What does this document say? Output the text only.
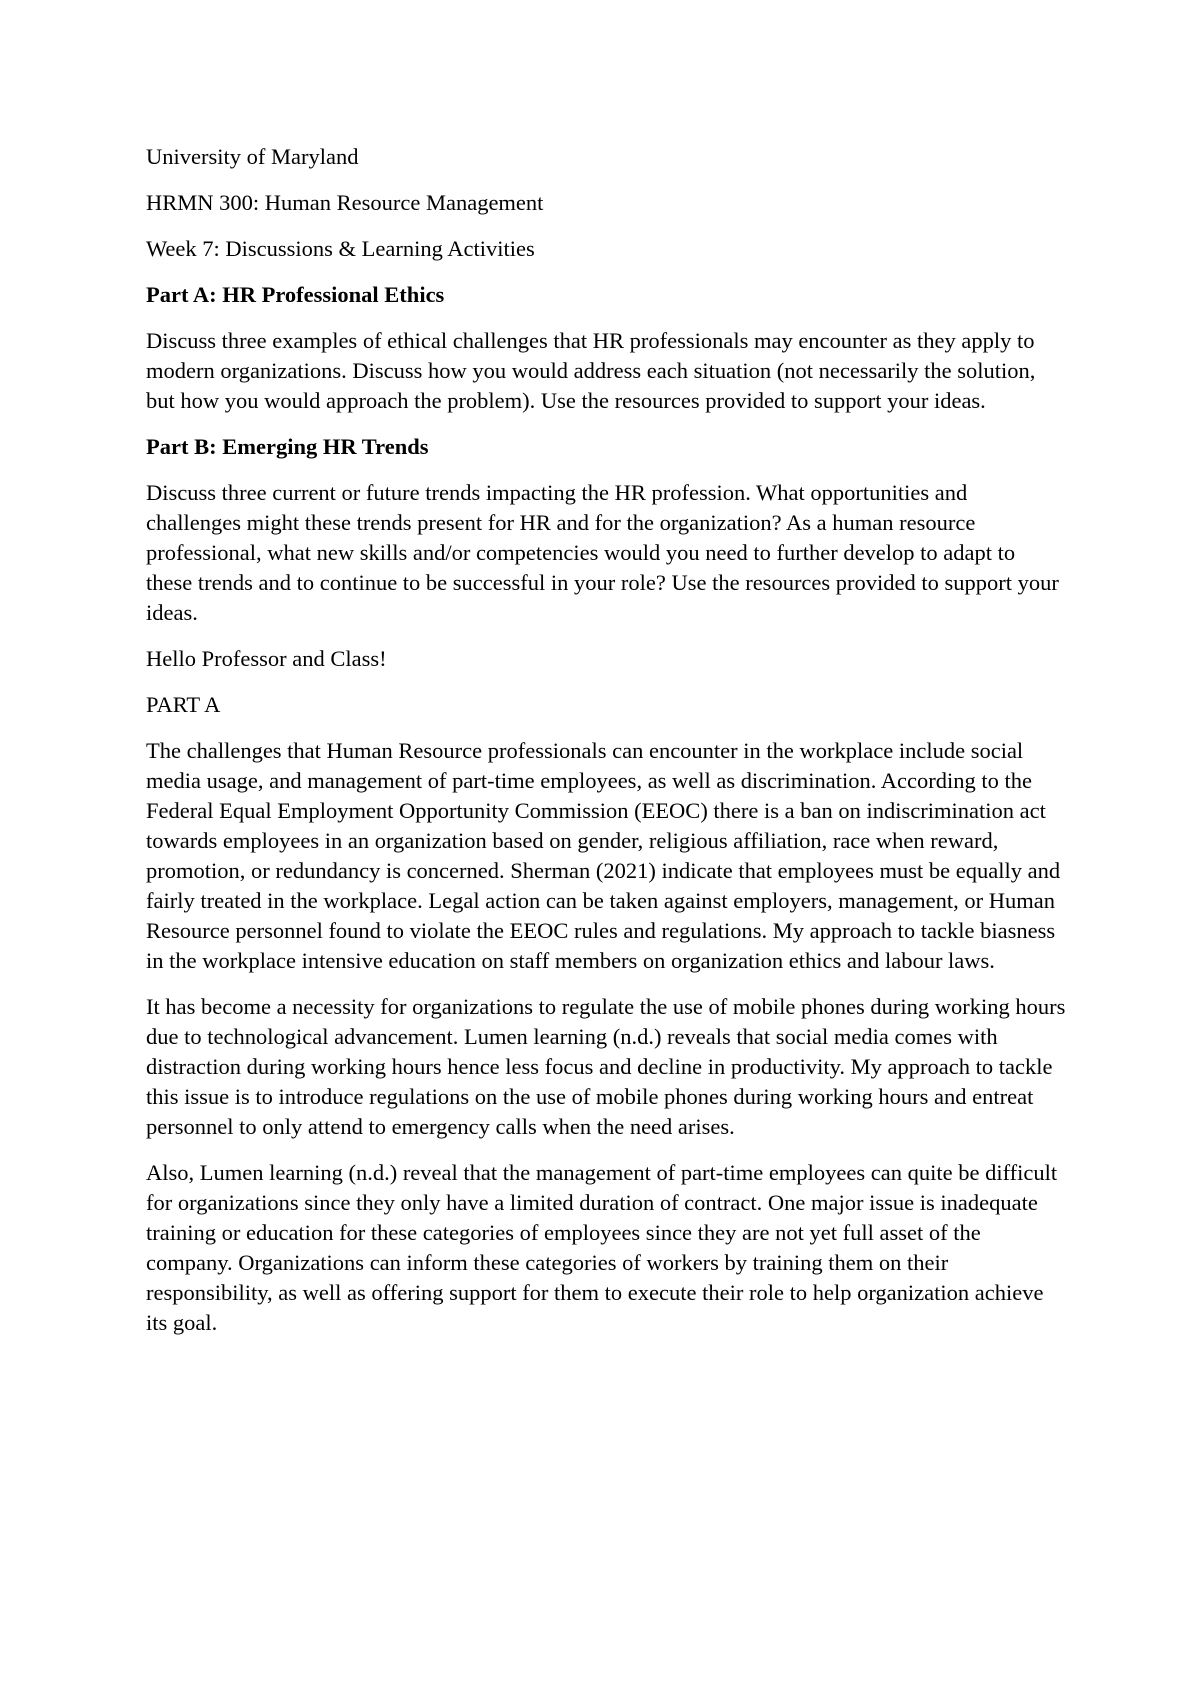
University of Maryland

HRMN 300: Human Resource Management

Week 7: Discussions & Learning Activities

Part A: HR Professional Ethics

Discuss three examples of ethical challenges that HR professionals may encounter as they apply to modern organizations. Discuss how you would address each situation (not necessarily the solution, but how you would approach the problem). Use the resources provided to support your ideas.

Part B: Emerging HR Trends

Discuss three current or future trends impacting the HR profession. What opportunities and challenges might these trends present for HR and for the organization? As a human resource professional, what new skills and/or competencies would you need to further develop to adapt to these trends and to continue to be successful in your role? Use the resources provided to support your ideas.

Hello Professor and Class!

PART A

The challenges that Human Resource professionals can encounter in the workplace include social media usage, and management of part-time employees, as well as discrimination. According to the Federal Equal Employment Opportunity Commission (EEOC) there is a ban on indiscrimination act towards employees in an organization based on gender, religious affiliation, race when reward, promotion, or redundancy is concerned. Sherman (2021) indicate that employees must be equally and fairly treated in the workplace. Legal action can be taken against employers, management, or Human Resource personnel found to violate the EEOC rules and regulations. My approach to tackle biasness in the workplace intensive education on staff members on organization ethics and labour laws.

It has become a necessity for organizations to regulate the use of mobile phones during working hours due to technological advancement. Lumen learning (n.d.) reveals that social media comes with distraction during working hours hence less focus and decline in productivity. My approach to tackle this issue is to introduce regulations on the use of mobile phones during working hours and entreat personnel to only attend to emergency calls when the need arises.

Also, Lumen learning (n.d.) reveal that the management of part-time employees can quite be difficult for organizations since they only have a limited duration of contract. One major issue is inadequate training or education for these categories of employees since they are not yet full asset of the company. Organizations can inform these categories of workers by training them on their responsibility, as well as offering support for them to execute their role to help organization achieve its goal.
